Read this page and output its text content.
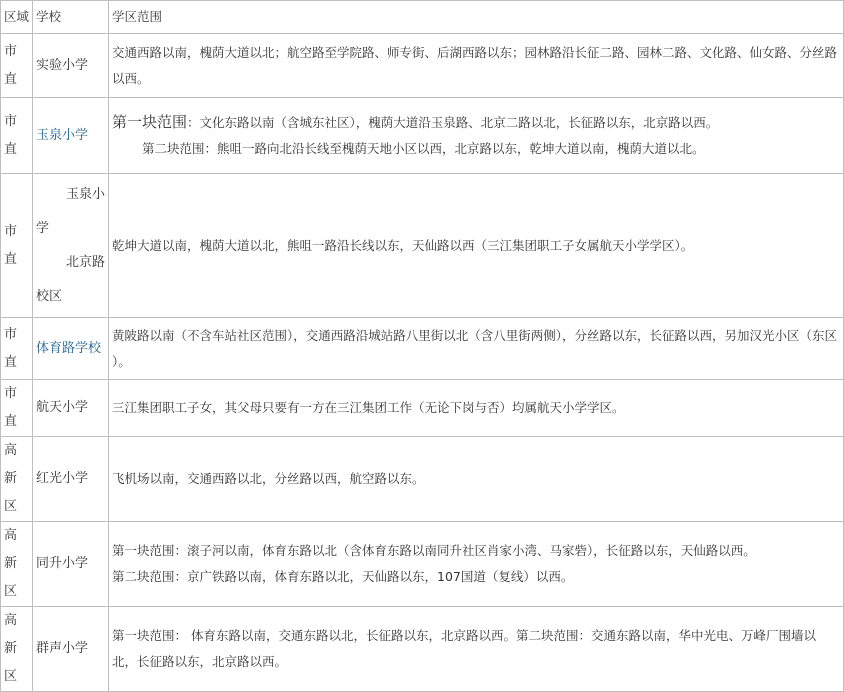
区域	学校	学区范围
市直	实验小学	交通西路以南，槐荫大道以北；航空路至学院路、师专街、后湖西路以东；园林路沿长征二路、园林二路、文化路、仙女路、分丝路以西。

市直	玉泉小学	第一块范围：文化东路以南（含城东社区），槐荫大道沿玉泉路、北京二路以北，长征路以东，北京路以西。

第二块范围：熊咀一路向北沿长线至槐荫天地小区以西，北京路以东，乾坤大道以南，槐荫大道以北。

市直	玉泉小
学
北京路
校区	乾坤大道以南，槐荫大道以北，熊咀一路沿长线以东，天仙路以西（三江集团职工子女属航天小学学区）。

市直	体育路学校	黄陂路以南（不含车站社区范围），交通西路沿城站路八里街以北（含八里街两侧），分丝路以东，长征路以西，另加汉光小区（东区 ）。

市直	航天小学	三江集团职工子女，其父母只要有一方在三江集团工作（无论下岗与否）均属航天小学学区。

高新区	红光小学	飞机场以南，交通西路以北，分丝路以西，航空路以东。

高新区	同升小学	第一块范围：滚子河以南，体育东路以北（含体育东路以南同升社区肖家小湾、马家砦），长征路以东，天仙路以西。

第二块范围：京广铁路以南，体育东路以北，天仙路以东，107国道（复线）以西。

高新区	群声小学	第一块范围： 体育东路以南，交通东路以北，长征路以东，北京路以西。第二块范围：交通东路以南，华中光电、万峰厂围墙以北，长征路以东，北京路以西。
